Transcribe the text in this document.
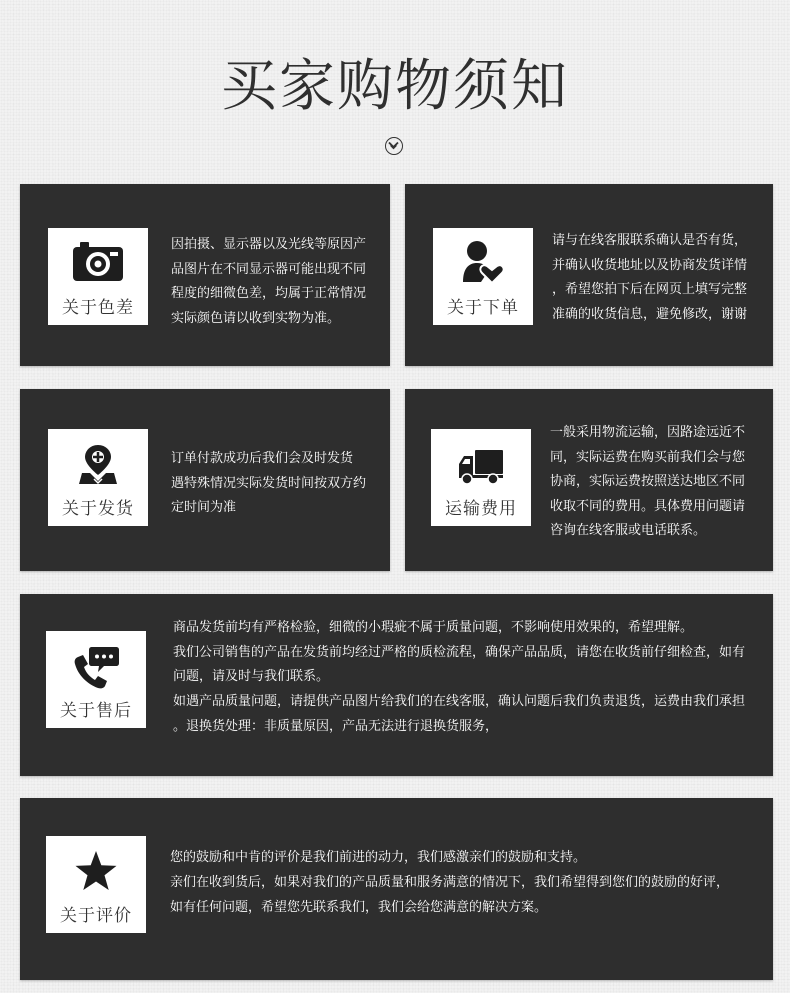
买家购物须知
关于色差

因拍摄、显示器以及光线等原因产

品图片在不同显示器可能出现不同

程度的细微色差，均属于正常情况

实际颜色请以收到实物为准。	关于下单

请与在线客服联系确认是否有货，

并确认收货地址以及协商发货详情

，希望您拍下后在网页上填写完整

准确的收货信息，避免修改，谢谢

关于发货

订单付款成功后我们会及时发货

遇特殊情况实际发货时间按双方约

定时间为准	运输费用

一般采用物流运输，因路途远近不

同，实际运费在购买前我们会与您

协商，实际运费按照送达地区不同

收取不同的费用。具体费用问题请

咨询在线客服或电话联系。

关于售后

商品发货前均有严格检验，细微的小瑕疵不属于质量问题，不影响使用效果的，希望理解。

我们公司销售的产品在发货前均经过严格的质检流程，确保产品品质，请您在收货前仔细检查，如有

问题，请及时与我们联系。

如遇产品质量问题，请提供产品图片给我们的在线客服，确认问题后我们负责退货，运费由我们承担

。退换货处理：非质量原因，产品无法进行退换货服务，

关于评价

您的鼓励和中肯的评价是我们前进的动力，我们感激亲们的鼓励和支持。

亲们在收到货后，如果对我们的产品质量和服务满意的情况下，我们希望得到您们的鼓励的好评，

如有任何问题，希望您先联系我们，我们会给您满意的解决方案。
